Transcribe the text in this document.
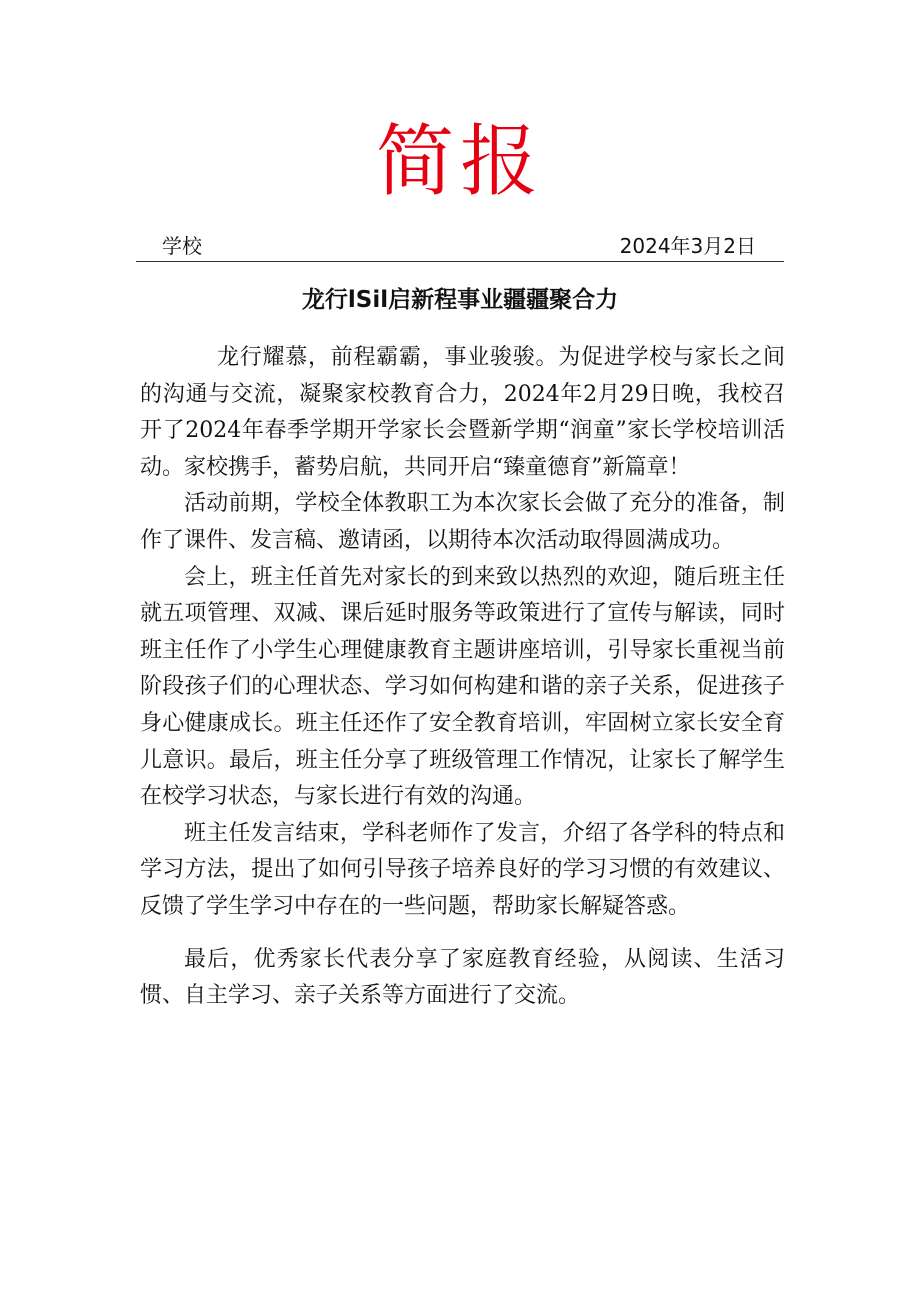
简报
学校	2024年3月2日
龙行lSil启新程事业疆疆聚合力

龙行耀慕，前程霸霸，事业骏骏。为促进学校与家长之间的沟通与交流，凝聚家校教育合力，2024年2月29日晚，我校召开了2024年春季学期开学家长会暨新学期“润童”家长学校培训活动。家校携手，蓄势启航，共同开启“臻童德育”新篇章！

活动前期，学校全体教职工为本次家长会做了充分的准备，制作了课件、发言稿、邀请函，以期待本次活动取得圆满成功。

会上，班主任首先对家长的到来致以热烈的欢迎，随后班主任就五项管理、双减、课后延时服务等政策进行了宣传与解读，同时班主任作了小学生心理健康教育主题讲座培训，引导家长重视当前阶段孩子们的心理状态、学习如何构建和谐的亲子关系，促进孩子身心健康成长。班主任还作了安全教育培训，牢固树立家长安全育儿意识。最后，班主任分享了班级管理工作情况，让家长了解学生在校学习状态，与家长进行有效的沟通。

班主任发言结束，学科老师作了发言，介绍了各学科的特点和学习方法，提出了如何引导孩子培养良好的学习习惯的有效建议、反馈了学生学习中存在的一些问题，帮助家长解疑答惑。

最后，优秀家长代表分享了家庭教育经验，从阅读、生活习惯、自主学习、亲子关系等方面进行了交流。
